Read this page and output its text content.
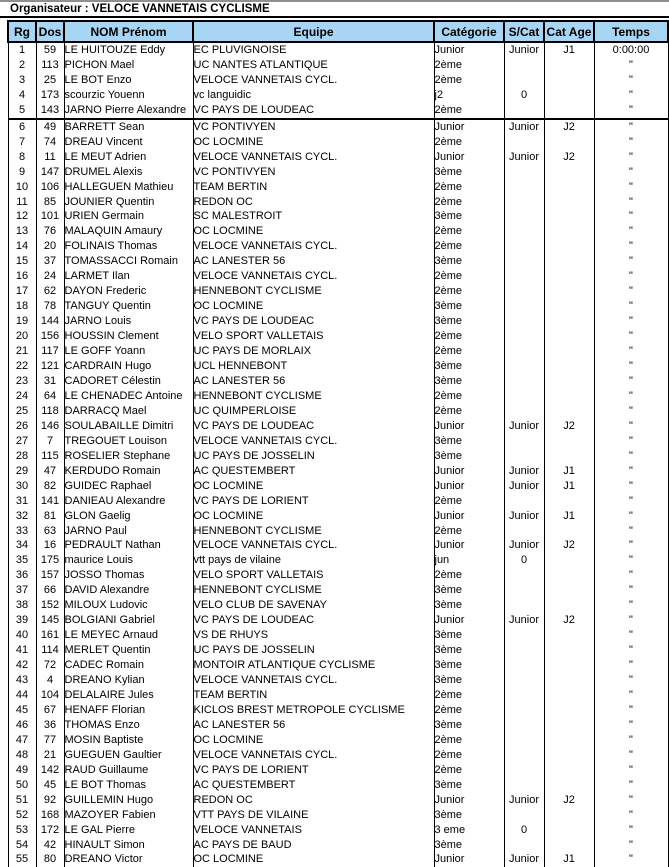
Organisateur : VELOCE VANNETAIS CYCLISME
Rg	Dos	NOM Prénom	Equipe	Catégorie	S/Cat	Cat Age	Temps
1	59	LE HUITOUZE Eddy	EC PLUVIGNOISE	Junior	Junior	J1	0:00:00
2	113	PICHON Mael	UC NANTES ATLANTIQUE	2ème			"
3	25	LE BOT Enzo	VELOCE VANNETAIS CYCL.	2ème			"
4	173	scourzic Youenn	vc languidic	j2	0		"
5	143	JARNO Pierre Alexandre	VC PAYS DE LOUDEAC	2ème			"
6	49	BARRETT Sean	VC PONTIVYEN	Junior	Junior	J2	"
7	74	DREAU Vincent	OC LOCMINE	2ème			"
8	11	LE MEUT Adrien	VELOCE VANNETAIS CYCL.	Junior	Junior	J2	"
9	147	DRUMEL Alexis	VC PONTIVYEN	3ème			"
10	106	HALLEGUEN Mathieu	TEAM BERTIN	2ème			"
11	85	JOUNIER Quentin	REDON OC	2ème			"
12	101	URIEN Germain	SC MALESTROIT	3ème			"
13	76	MALAQUIN Amaury	OC LOCMINE	2ème			"
14	20	FOLINAIS Thomas	VELOCE VANNETAIS CYCL.	2ème			"
15	37	TOMASSACCI Romain	AC LANESTER 56	3ème			"
16	24	LARMET Ilan	VELOCE VANNETAIS CYCL.	2ème			"
17	62	DAYON Frederic	HENNEBONT CYCLISME	2ème			"
18	78	TANGUY Quentin	OC LOCMINE	3ème			"
19	144	JARNO Louis	VC PAYS DE LOUDEAC	3ème			"
20	156	HOUSSIN Clement	VELO SPORT VALLETAIS	2ème			"
21	117	LE GOFF Yoann	UC PAYS DE MORLAIX	2ème			"
22	121	CARDRAIN Hugo	UCL HENNEBONT	3ème			"
23	31	CADORET Célestin	AC LANESTER 56	3ème			"
24	64	LE CHENADEC Antoine	HENNEBONT CYCLISME	2ème			"
25	118	DARRACQ Mael	UC QUIMPERLOISE	2ème			"
26	146	SOULABAILLE Dimitri	VC PAYS DE LOUDEAC	Junior	Junior	J2	"
27	7	TREGOUET Louison	VELOCE VANNETAIS CYCL.	3ème			"
28	115	ROSELIER Stephane	UC PAYS DE JOSSELIN	3ème			"
29	47	KERDUDO Romain	AC QUESTEMBERT	Junior	Junior	J1	"
30	82	GUIDEC Raphael	OC LOCMINE	Junior	Junior	J1	"
31	141	DANIEAU Alexandre	VC PAYS DE LORIENT	2ème			"
32	81	GLON Gaelig	OC LOCMINE	Junior	Junior	J1	"
33	63	JARNO Paul	HENNEBONT CYCLISME	2ème			"
34	16	PEDRAULT Nathan	VELOCE VANNETAIS CYCL.	Junior	Junior	J2	"
35	175	maurice Louis	vtt pays de vilaine	jun	0		"
36	157	JOSSO Thomas	VELO SPORT VALLETAIS	2ème			"
37	66	DAVID Alexandre	HENNEBONT CYCLISME	3ème			"
38	152	MILOUX Ludovic	VELO CLUB DE SAVENAY	3ème			"
39	145	BOLGIANI Gabriel	VC PAYS DE LOUDEAC	Junior	Junior	J2	"
40	161	LE MEYEC Arnaud	VS DE RHUYS	3ème			"
41	114	MERLET Quentin	UC PAYS DE JOSSELIN	3ème			"
42	72	CADEC Romain	MONTOIR ATLANTIQUE CYCLISME	3ème			"
43	4	DREANO Kylian	VELOCE VANNETAIS CYCL.	3ème			"
44	104	DELALAIRE Jules	TEAM BERTIN	2ème			"
45	67	HENAFF Florian	KICLOS BREST METROPOLE CYCLISME	2ème			"
46	36	THOMAS Enzo	AC LANESTER 56	3ème			"
47	77	MOSIN Baptiste	OC LOCMINE	2ème			"
48	21	GUEGUEN Gaultier	VELOCE VANNETAIS CYCL.	2ème			"
49	142	RAUD Guillaume	VC PAYS DE LORIENT	2ème			"
50	45	LE BOT Thomas	AC QUESTEMBERT	3ème			"
51	92	GUILLEMIN Hugo	REDON OC	Junior	Junior	J2	"
52	168	MAZOYER Fabien	VTT PAYS DE VILAINE	3ème			"
53	172	LE GAL Pierre	VELOCE VANNETAIS	3 eme	0		"
54	42	HINAULT Simon	AC PAYS DE BAUD	3ème			"
55	80	DREANO Victor	OC LOCMINE	Junior	Junior	J1	"
